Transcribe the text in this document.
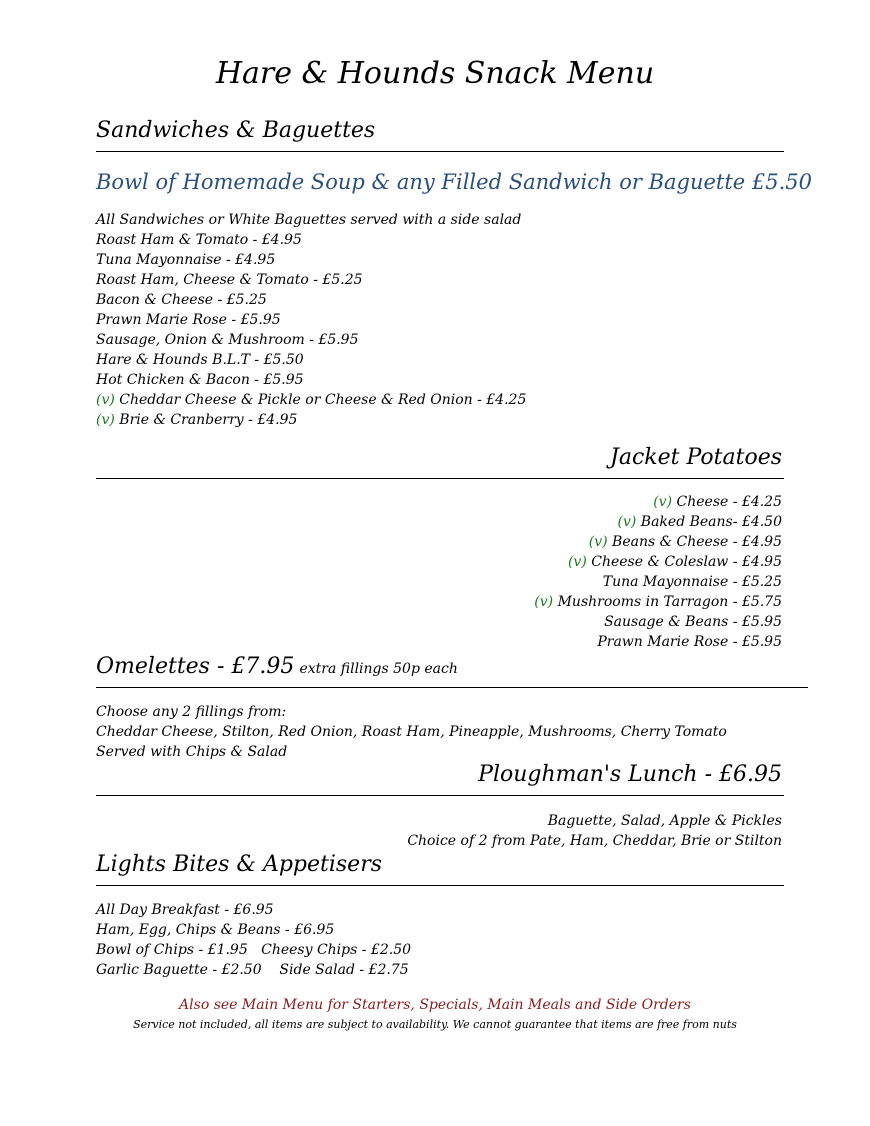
Hare & Hounds Snack Menu
Sandwiches & Baguettes
Bowl of Homemade Soup & any Filled Sandwich or Baguette £5.50
All Sandwiches or White Baguettes served with a side salad
Roast Ham & Tomato - £4.95
Tuna Mayonnaise - £4.95
Roast Ham, Cheese & Tomato - £5.25
Bacon & Cheese - £5.25
Prawn Marie Rose - £5.95
Sausage, Onion & Mushroom - £5.95
Hare & Hounds B.L.T - £5.50
Hot Chicken & Bacon - £5.95
(v) Cheddar Cheese & Pickle or Cheese & Red Onion - £4.25
(v) Brie & Cranberry - £4.95
Jacket Potatoes
(v) Cheese - £4.25
(v) Baked Beans- £4.50
(v) Beans & Cheese - £4.95
(v) Cheese & Coleslaw - £4.95
Tuna Mayonnaise - £5.25
(v) Mushrooms in Tarragon - £5.75
Sausage & Beans - £5.95
Prawn Marie Rose - £5.95
Omelettes - £7.95 extra fillings 50p each
Choose any 2 fillings from:
Cheddar Cheese, Stilton, Red Onion, Roast Ham, Pineapple, Mushrooms, Cherry Tomato
Served with Chips & Salad
Ploughman's Lunch - £6.95
Baguette, Salad, Apple & Pickles
Choice of 2 from Pate, Ham, Cheddar, Brie or Stilton
Lights Bites & Appetisers
All Day Breakfast - £6.95
Ham, Egg, Chips & Beans - £6.95
Bowl of Chips - £1.95   Cheesy Chips - £2.50
Garlic Baguette - £2.50    Side Salad - £2.75
Also see Main Menu for Starters, Specials, Main Meals and Side Orders
Service not included, all items are subject to availability. We cannot guarantee that items are free from nuts
